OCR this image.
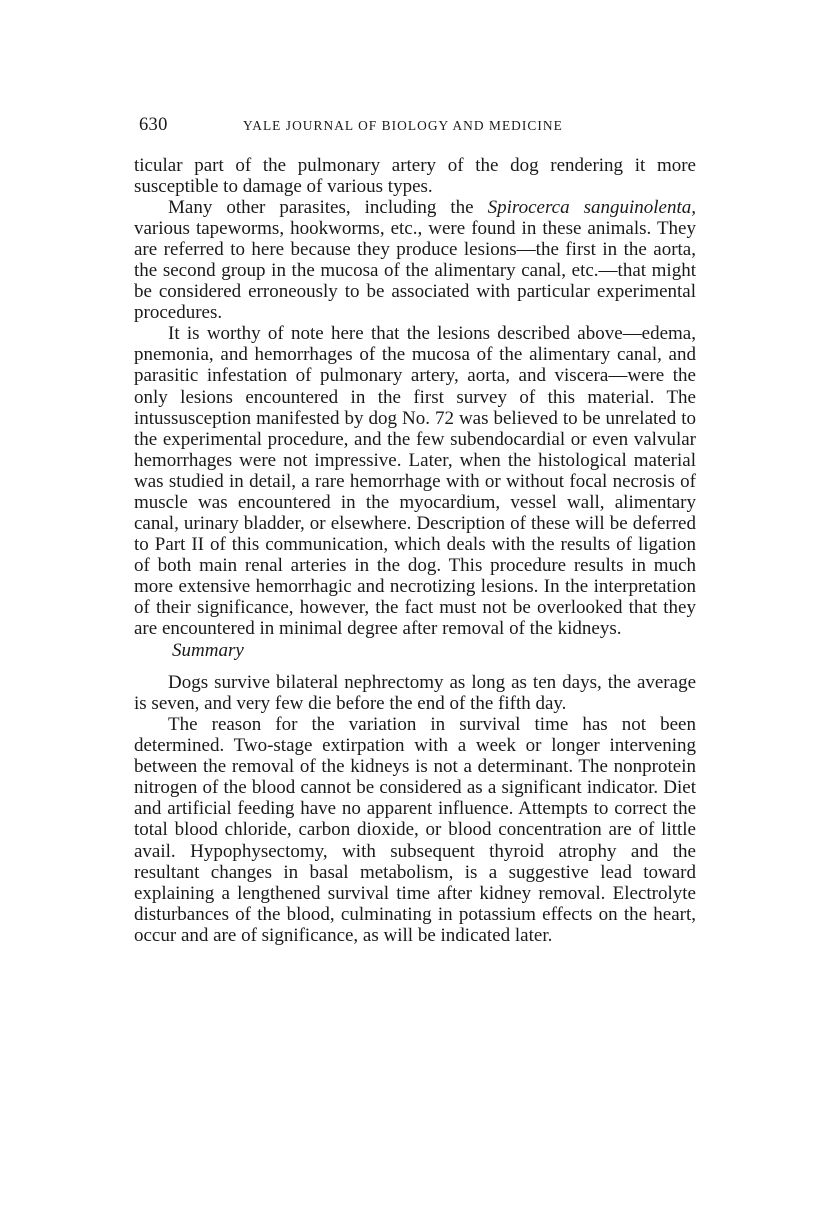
630	YALE JOURNAL OF BIOLOGY AND MEDICINE

ticular part of the pulmonary artery of the dog rendering it more susceptible to damage of various types.

Many other parasites, including the Spirocerca sanguinolenta, various tapeworms, hookworms, etc., were found in these animals. They are referred to here because they produce lesions—the first in the aorta, the second group in the mucosa of the alimentary canal, etc.—that might be considered erroneously to be associated with particular experimental procedures.

It is worthy of note here that the lesions described above—edema, pnemonia, and hemorrhages of the mucosa of the alimentary canal, and parasitic infestation of pulmonary artery, aorta, and viscera—were the only lesions encountered in the first survey of this material. The intussusception manifested by dog No. 72 was believed to be unrelated to the experimental procedure, and the few subendocardial or even valvular hemorrhages were not impressive. Later, when the histological material was studied in detail, a rare hemorrhage with or without focal necrosis of muscle was encountered in the myocardium, vessel wall, alimentary canal, urinary bladder, or elsewhere. Description of these will be deferred to Part II of this communication, which deals with the results of ligation of both main renal arteries in the dog. This procedure results in much more extensive hemorrhagic and necrotizing lesions. In the interpretation of their significance, however, the fact must not be overlooked that they are encountered in minimal degree after removal of the kidneys.

Summary

Dogs survive bilateral nephrectomy as long as ten days, the average is seven, and very few die before the end of the fifth day.

The reason for the variation in survival time has not been determined. Two-stage extirpation with a week or longer intervening between the removal of the kidneys is not a determinant. The nonprotein nitrogen of the blood cannot be considered as a significant indicator. Diet and artificial feeding have no apparent influence. Attempts to correct the total blood chloride, carbon dioxide, or blood concentration are of little avail. Hypophysectomy, with subsequent thyroid atrophy and the resultant changes in basal metabolism, is a suggestive lead toward explaining a lengthened survival time after kidney removal. Electrolyte disturbances of the blood, culminating in potassium effects on the heart, occur and are of significance, as will be indicated later.
